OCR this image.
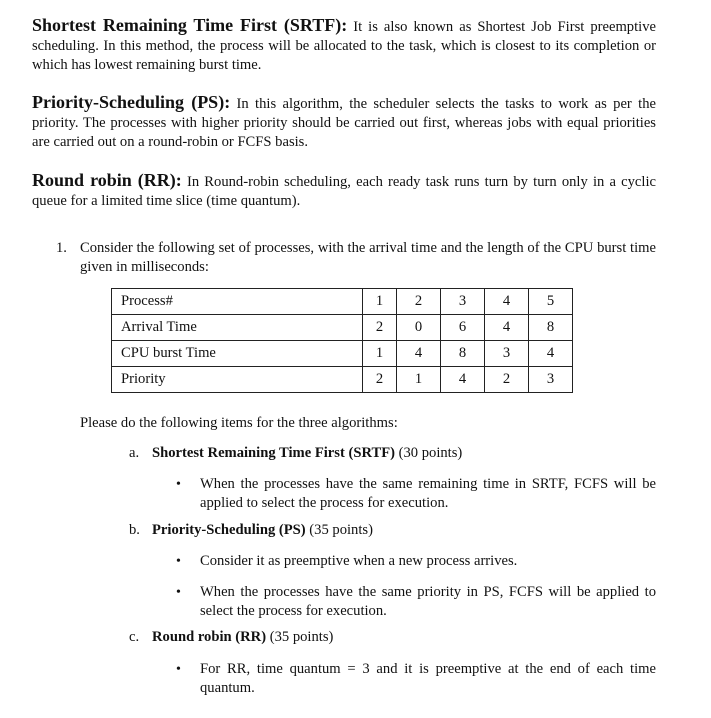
Shortest Remaining Time First (SRTF): It is also known as Shortest Job First preemptive scheduling. In this method, the process will be allocated to the task, which is closest to its completion or which has lowest remaining burst time.

Priority-Scheduling (PS): In this algorithm, the scheduler selects the tasks to work as per the priority. The processes with higher priority should be carried out first, whereas jobs with equal priorities are carried out on a round-robin or FCFS basis.

Round robin (RR): In Round-robin scheduling, each ready task runs turn by turn only in a cyclic queue for a limited time slice (time quantum).

1. Consider the following set of processes, with the arrival time and the length of the CPU burst time given in milliseconds:

Process#	1	2	3	4	5
Arrival Time	2	0	6	4	8
CPU burst Time	1	4	8	3	4
Priority	2	1	4	2	3
Please do the following items for the three algorithms:
a. Shortest Remaining Time First (SRTF) (30 points)
•	When the processes have the same remaining time in SRTF, FCFS will be applied to select the process for execution.
b. Priority-Scheduling (PS) (35 points)
•	Consider it as preemptive when a new process arrives.
•	When the processes have the same priority in PS, FCFS will be applied to select the process for execution.
c. Round robin (RR) (35 points)
•	For RR, time quantum = 3 and it is preemptive at the end of each time quantum.
